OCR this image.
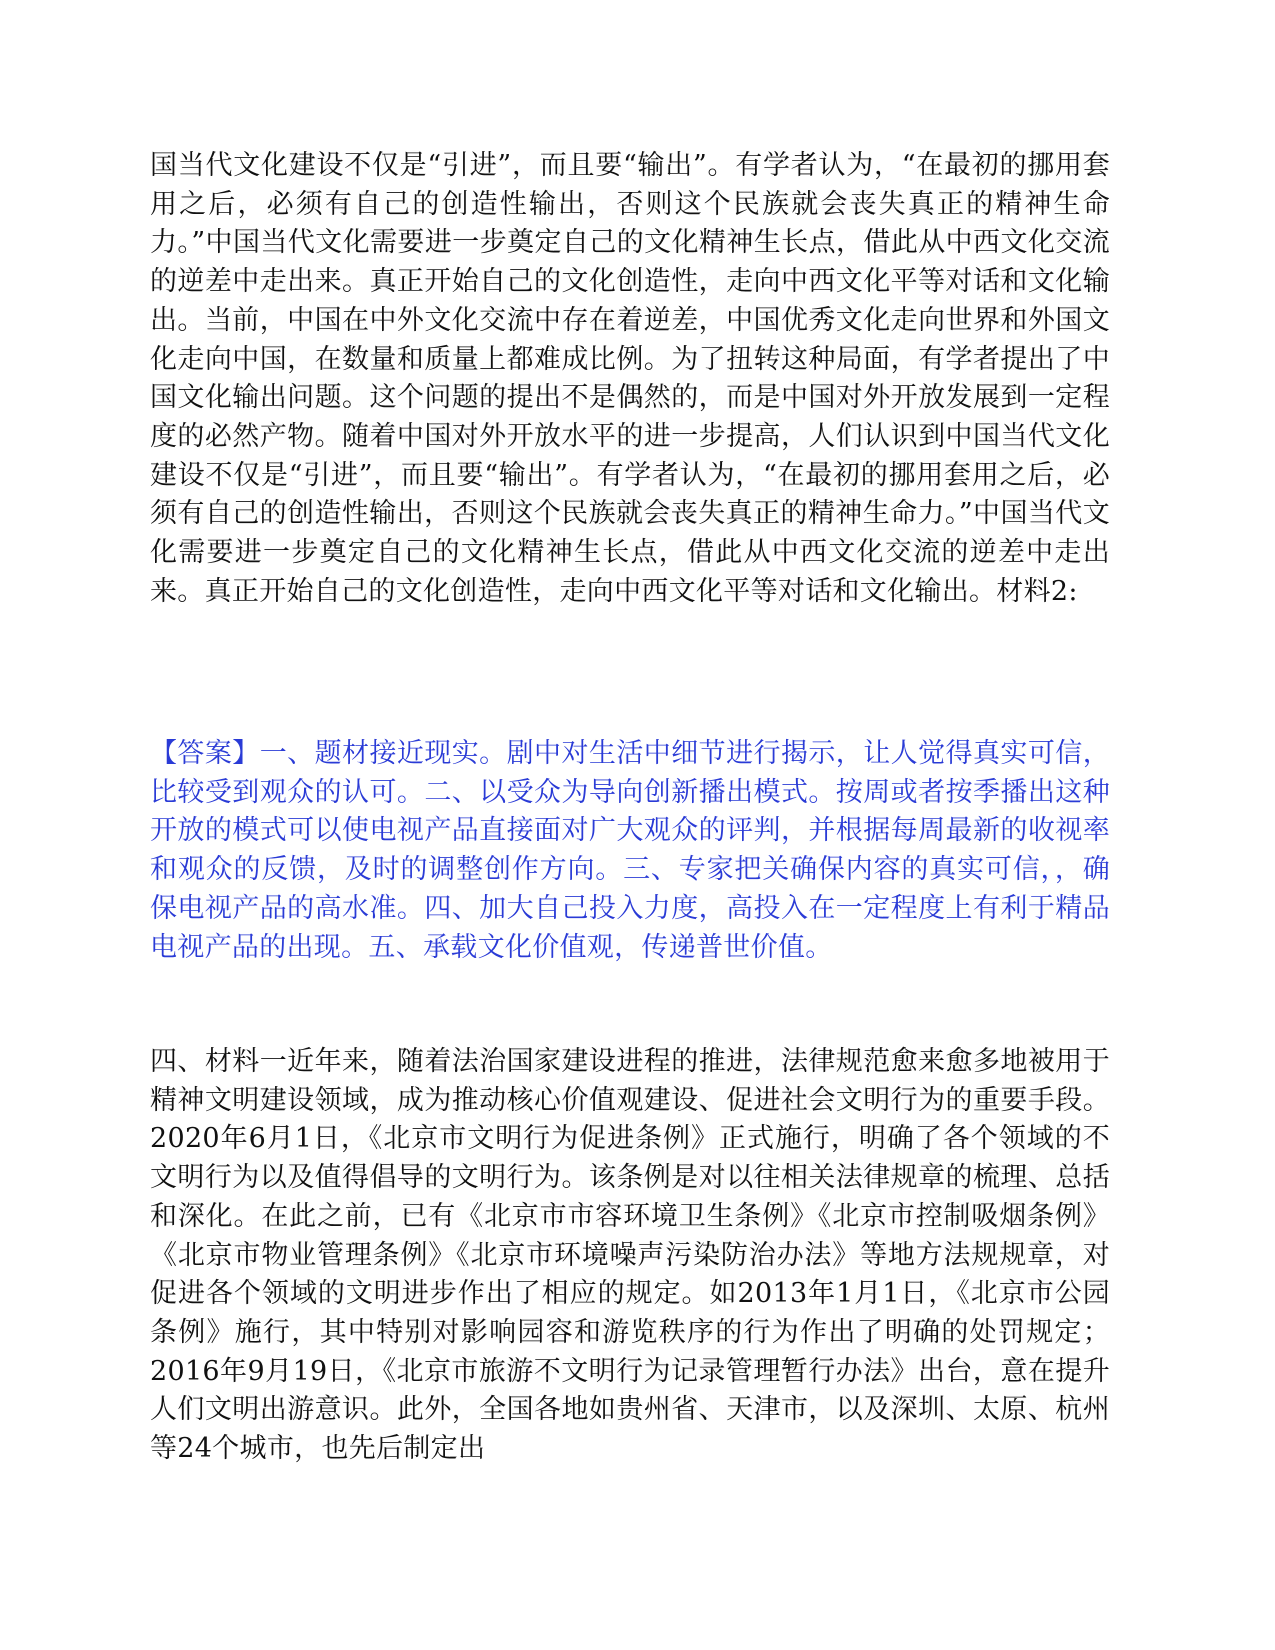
国当代文化建设不仅是“引进”，而且要“输出”。有学者认为，“在最初的挪用套用之后，必须有自己的创造性输出，否则这个民族就会丧失真正的精神生命力。”中国当代文化需要进一步奠定自己的文化精神生长点，借此从中西文化交流的逆差中走出来。真正开始自己的文化创造性，走向中西文化平等对话和文化输出。当前，中国在中外文化交流中存在着逆差，中国优秀文化走向世界和外国文化走向中国，在数量和质量上都难成比例。为了扭转这种局面，有学者提出了中国文化输出问题。这个问题的提出不是偶然的，而是中国对外开放发展到一定程度的必然产物。随着中国对外开放水平的进一步提高，人们认识到中国当代文化建设不仅是“引进”，而且要“输出”。有学者认为，“在最初的挪用套用之后，必须有自己的创造性输出，否则这个民族就会丧失真正的精神生命力。”中国当代文化需要进一步奠定自己的文化精神生长点，借此从中西文化交流的逆差中走出来。真正开始自己的文化创造性，走向中西文化平等对话和文化输出。材料2:

【答案】一、题材接近现实。剧中对生活中细节进行揭示，让人觉得真实可信，比较受到观众的认可。二、以受众为导向创新播出模式。按周或者按季播出这种开放的模式可以使电视产品直接面对广大观众的评判，并根据每周最新的收视率和观众的反馈，及时的调整创作方向。三、专家把关确保内容的真实可信，，确保电视产品的高水准。四、加大自己投入力度，高投入在一定程度上有利于精品电视产品的出现。五、承载文化价值观，传递普世价值。

四、材料一近年来，随着法治国家建设进程的推进，法律规范愈来愈多地被用于精神文明建设领域，成为推动核心价值观建设、促进社会文明行为的重要手段。2020年6月1日，《北京市文明行为促进条例》正式施行，明确了各个领域的不文明行为以及值得倡导的文明行为。该条例是对以往相关法律规章的梳理、总括和深化。在此之前，已有《北京市市容环境卫生条例》《北京市控制吸烟条例》《北京市物业管理条例》《北京市环境噪声污染防治办法》等地方法规规章，对促进各个领域的文明进步作出了相应的规定。如2013年1月1日，《北京市公园条例》施行，其中特别对影响园容和游览秩序的行为作出了明确的处罚规定；2016年9月19日，《北京市旅游不文明行为记录管理暂行办法》出台，意在提升人们文明出游意识。此外，全国各地如贵州省、天津市，以及深圳、太原、杭州等24个城市，也先后制定出
